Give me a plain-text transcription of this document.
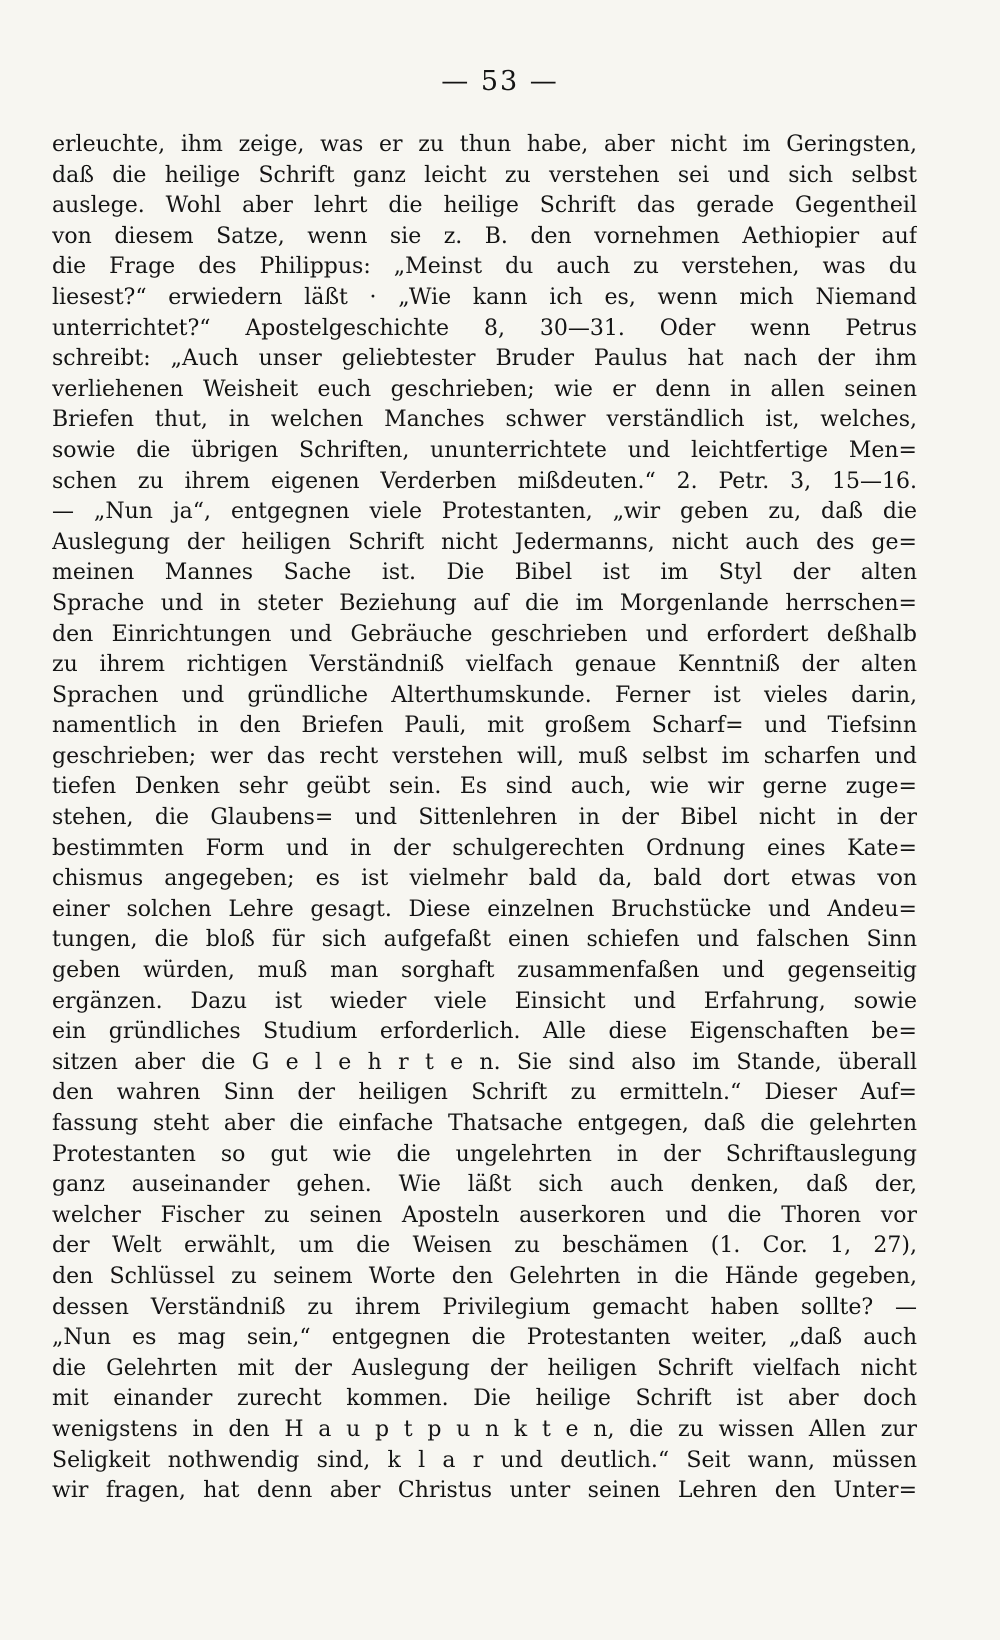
— 53 —
erleuchte, ihm zeige, was er zu thun habe, aber nicht im Geringsten,
daß die heilige Schrift ganz leicht zu verstehen sei und sich selbst
auslege. Wohl aber lehrt die heilige Schrift das gerade Gegentheil
von diesem Satze, wenn sie z. B. den vornehmen Aethiopier auf
die Frage des Philippus: „Meinst du auch zu verstehen, was du
liesest?“ erwiedern läßt · „Wie kann ich es, wenn mich Niemand
unterrichtet?“ Apostelgeschichte 8, 30—31. Oder wenn Petrus
schreibt: „Auch unser geliebtester Bruder Paulus hat nach der ihm
verliehenen Weisheit euch geschrieben; wie er denn in allen seinen
Briefen thut, in welchen Manches schwer verständlich ist, welches,
sowie die übrigen Schriften, ununterrichtete und leichtfertige Men=
schen zu ihrem eigenen Verderben mißdeuten.“ 2. Petr. 3, 15—16.
— „Nun ja“, entgegnen viele Protestanten, „wir geben zu, daß die
Auslegung der heiligen Schrift nicht Jedermanns, nicht auch des ge=
meinen Mannes Sache ist. Die Bibel ist im Styl der alten
Sprache und in steter Beziehung auf die im Morgenlande herrschen=
den Einrichtungen und Gebräuche geschrieben und erfordert deßhalb
zu ihrem richtigen Verständniß vielfach genaue Kenntniß der alten
Sprachen und gründliche Alterthumskunde. Ferner ist vieles darin,
namentlich in den Briefen Pauli, mit großem Scharf= und Tiefsinn
geschrieben; wer das recht verstehen will, muß selbst im scharfen und
tiefen Denken sehr geübt sein. Es sind auch, wie wir gerne zuge=
stehen, die Glaubens= und Sittenlehren in der Bibel nicht in der
bestimmten Form und in der schulgerechten Ordnung eines Kate=
chismus angegeben; es ist vielmehr bald da, bald dort etwas von
einer solchen Lehre gesagt. Diese einzelnen Bruchstücke und Andeu=
tungen, die bloß für sich aufgefaßt einen schiefen und falschen Sinn
geben würden, muß man sorghaft zusammenfaßen und gegenseitig
ergänzen. Dazu ist wieder viele Einsicht und Erfahrung, sowie
ein gründliches Studium erforderlich. Alle diese Eigenschaften be=
sitzen aber die G e l e h r t e n. Sie sind also im Stande, überall
den wahren Sinn der heiligen Schrift zu ermitteln.“ Dieser Auf=
fassung steht aber die einfache Thatsache entgegen, daß die gelehrten
Protestanten so gut wie die ungelehrten in der Schriftauslegung
ganz auseinander gehen. Wie läßt sich auch denken, daß der,
welcher Fischer zu seinen Aposteln auserkoren und die Thoren vor
der Welt erwählt, um die Weisen zu beschämen (1. Cor. 1, 27),
den Schlüssel zu seinem Worte den Gelehrten in die Hände gegeben,
dessen Verständniß zu ihrem Privilegium gemacht haben sollte? —
„Nun es mag sein,“ entgegnen die Protestanten weiter, „daß auch
die Gelehrten mit der Auslegung der heiligen Schrift vielfach nicht
mit einander zurecht kommen. Die heilige Schrift ist aber doch
wenigstens in den H a u p t p u n k t e n, die zu wissen Allen zur
Seligkeit nothwendig sind, k l a r und deutlich.“ Seit wann, müssen
wir fragen, hat denn aber Christus unter seinen Lehren den Unter=
